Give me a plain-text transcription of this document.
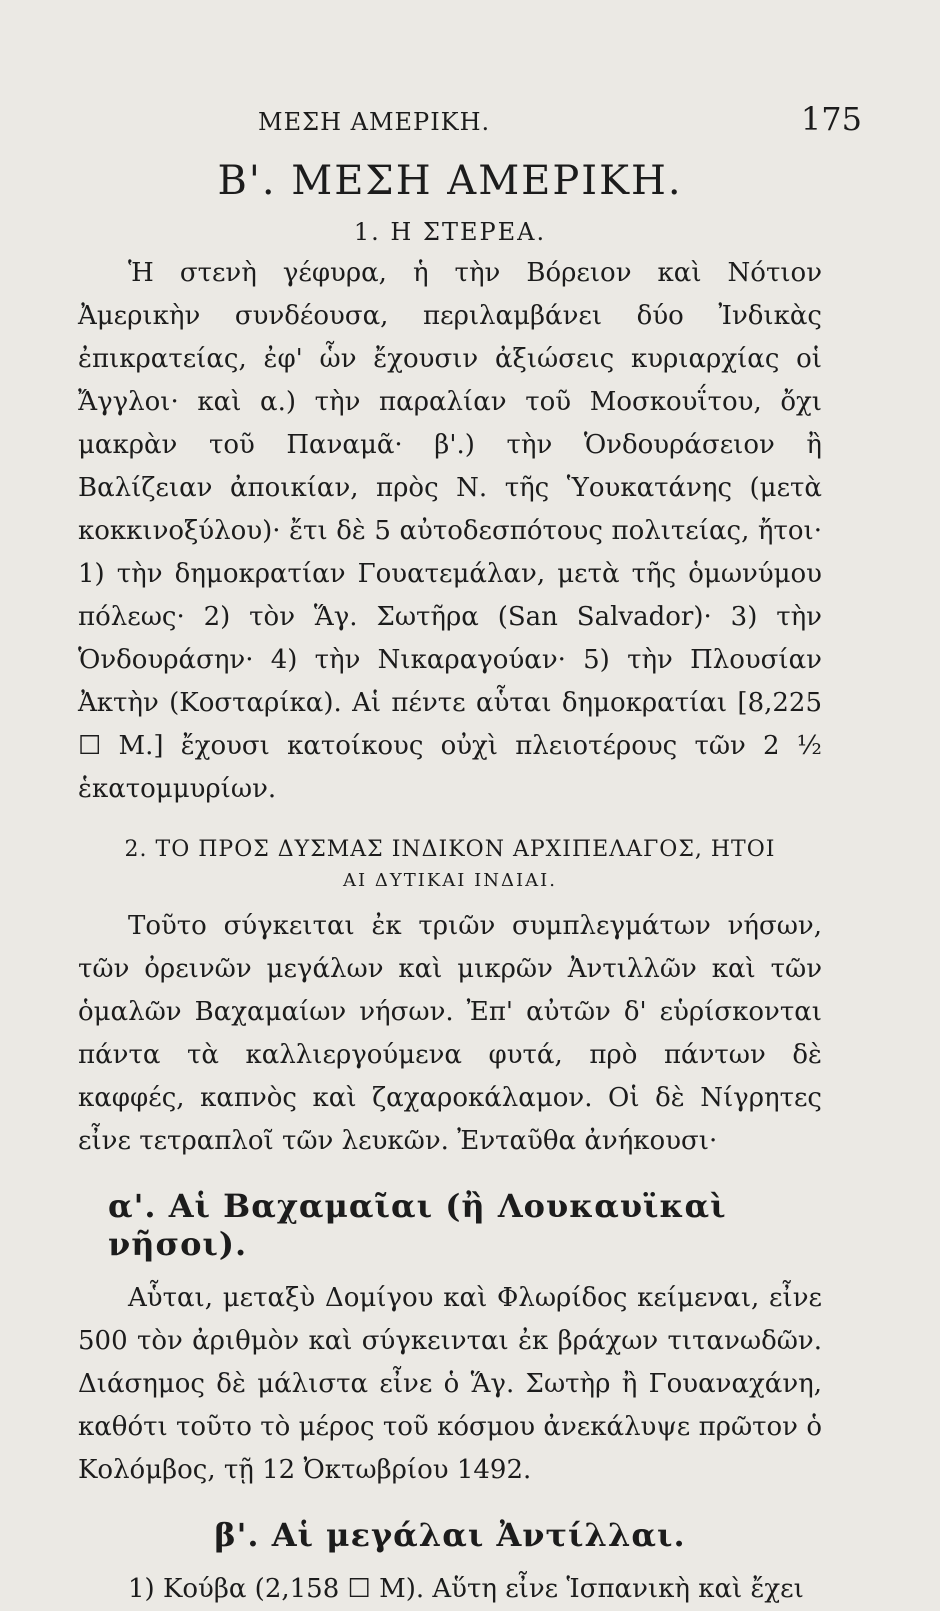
ΜΕΣΗ ΑΜΕΡΙΚΗ.	175
Β'. ΜΕΣΗ ΑΜΕΡΙΚΗ.
1. Η ΣΤΕΡΕΑ.

Ἡ στενὴ γέφυρα, ἡ τὴν Βόρειον καὶ Νότιον Ἀμερικὴν συνδέουσα, περιλαμβάνει δύο Ἰνδικὰς ἐπικρατείας, ἐφ' ὧν ἔχουσιν ἀξιώσεις κυριαρχίας οἱ Ἄγγλοι· καὶ α.) τὴν παραλίαν τοῦ Μοσκουΐτου, ὄχι μακρὰν τοῦ Παναμᾶ· β'.) τὴν Ὁνδουράσειον ἢ Βαλίζειαν ἀποικίαν, πρὸς Ν. τῆς Ὑουκατάνης (μετὰ κοκκινοξύλου)· ἔτι δὲ 5 αὐτοδεσπότους πολιτείας, ἤτοι· 1) τὴν δημοκρατίαν Γουατεμάλαν, μετὰ τῆς ὁμωνύμου πόλεως· 2) τὸν Ἅγ. Σωτῆρα (San Salvador)· 3) τὴν Ὁνδουράσην· 4) τὴν Νικαραγούαν· 5) τὴν Πλουσίαν Ἀκτὴν (Κοσταρίκα). Αἱ πέντε αὗται δημοκρατίαι [8,225 ☐ Μ.] ἔχουσι κατοίκους οὐχὶ πλειοτέρους τῶν 2 ½ ἑκατομμυρίων.

2. ΤΟ ΠΡΟΣ ΔΥΣΜΑΣ ΙΝΔΙΚΟΝ ΑΡΧΙΠΕΛΑΓΟΣ, ΗΤΟΙ
ΑΙ ΔΥΤΙΚΑΙ ΙΝΔΙΑΙ.

Τοῦτο σύγκειται ἐκ τριῶν συμπλεγμάτων νήσων, τῶν ὀρεινῶν μεγάλων καὶ μικρῶν Ἀντιλλῶν καὶ τῶν ὁμαλῶν Βαχαμαίων νήσων. Ἐπ' αὐτῶν δ' εὑρίσκονται πάντα τὰ καλλιεργούμενα φυτά, πρὸ πάντων δὲ καφφές, καπνὸς καὶ ζαχαροκάλαμον. Οἱ δὲ Νίγρητες εἶνε τετραπλοῖ τῶν λευκῶν. Ἐνταῦθα ἀνήκουσι·

α'. Αἱ Βαχαμαῖαι (ἢ Λουκαυϊκαὶ νῆσοι).

Αὗται, μεταξὺ Δομίγου καὶ Φλωρίδος κείμεναι, εἶνε 500 τὸν ἀριθμὸν καὶ σύγκεινται ἐκ βράχων τιτανωδῶν. Διάσημος δὲ μάλιστα εἶνε ὁ Ἅγ. Σωτὴρ ἢ Γουαναχάνη, καθότι τοῦτο τὸ μέρος τοῦ κόσμου ἀνεκάλυψε πρῶτον ὁ Κολόμβος, τῇ 12 Ὀκτωβρίου 1492.

β'. Αἱ μεγάλαι Ἀντίλλαι.

1) Κούβα (2,158 ☐ Μ). Αὕτη εἶνε Ἱσπανικὴ καὶ ἔχει
